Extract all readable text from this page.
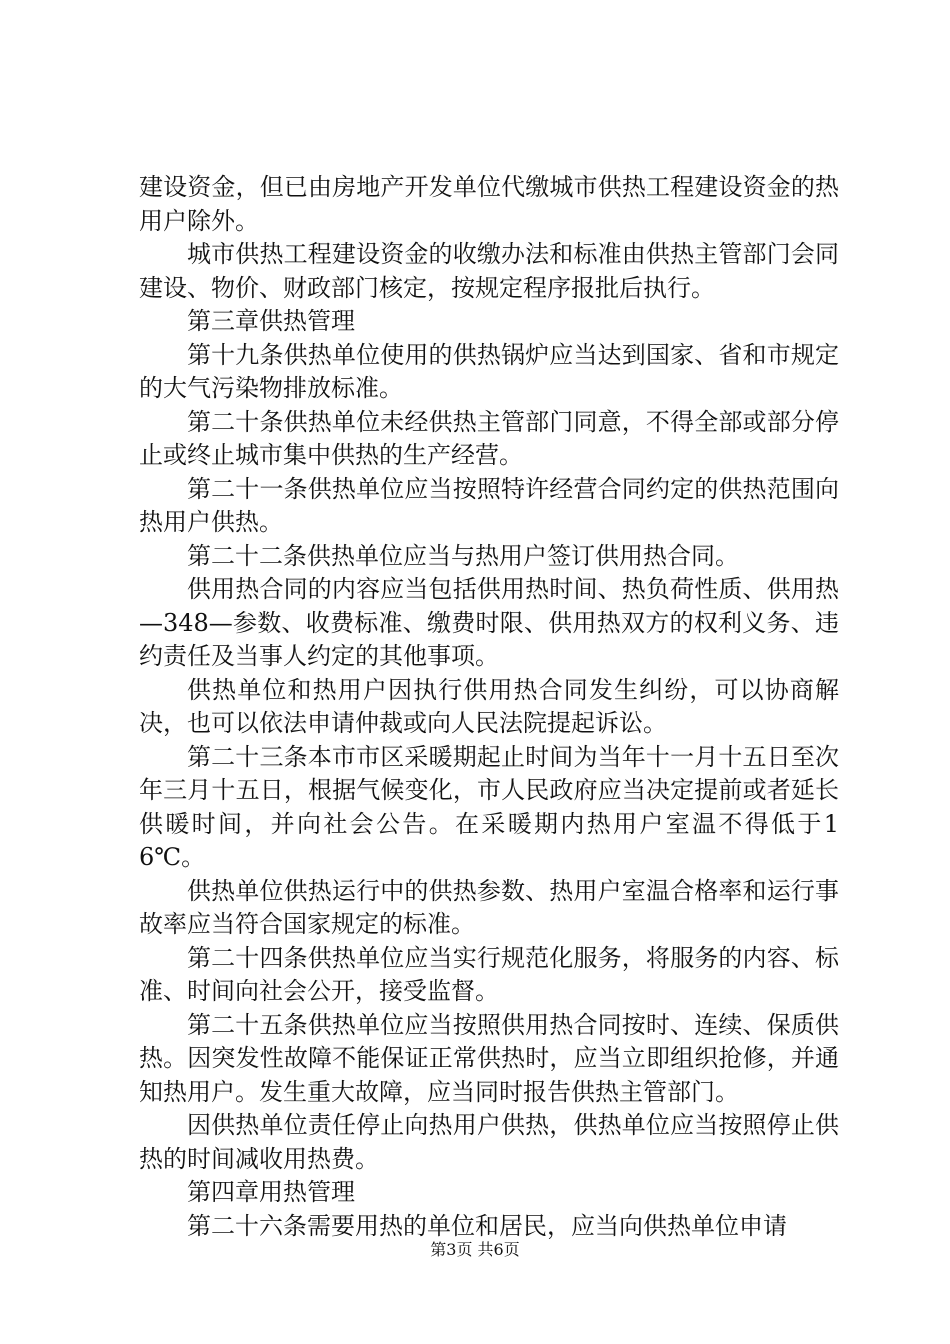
建设资金，但已由房地产开发单位代缴城市供热工程建设资金的热用户除外。

城市供热工程建设资金的收缴办法和标准由供热主管部门会同建设、物价、财政部门核定，按规定程序报批后执行。

第三章供热管理

第十九条供热单位使用的供热锅炉应当达到国家、省和市规定的大气污染物排放标准。

第二十条供热单位未经供热主管部门同意，不得全部或部分停止或终止城市集中供热的生产经营。

第二十一条供热单位应当按照特许经营合同约定的供热范围向热用户供热。

第二十二条供热单位应当与热用户签订供用热合同。

供用热合同的内容应当包括供用热时间、热负荷性质、供用热—348—参数、收费标准、缴费时限、供用热双方的权利义务、违约责任及当事人约定的其他事项。

供热单位和热用户因执行供用热合同发生纠纷，可以协商解决，也可以依法申请仲裁或向人民法院提起诉讼。

第二十三条本市市区采暖期起止时间为当年十一月十五日至次年三月十五日，根据气候变化，市人民政府应当决定提前或者延长供暖时间，并向社会公告。在采暖期内热用户室温不得低于16℃。

供热单位供热运行中的供热参数、热用户室温合格率和运行事故率应当符合国家规定的标准。

第二十四条供热单位应当实行规范化服务，将服务的内容、标准、时间向社会公开，接受监督。

第二十五条供热单位应当按照供用热合同按时、连续、保质供热。因突发性故障不能保证正常供热时，应当立即组织抢修，并通知热用户。发生重大故障，应当同时报告供热主管部门。

因供热单位责任停止向热用户供热，供热单位应当按照停止供热的时间减收用热费。

第四章用热管理

第二十六条需要用热的单位和居民，应当向供热单位申请

第3页 共6页
